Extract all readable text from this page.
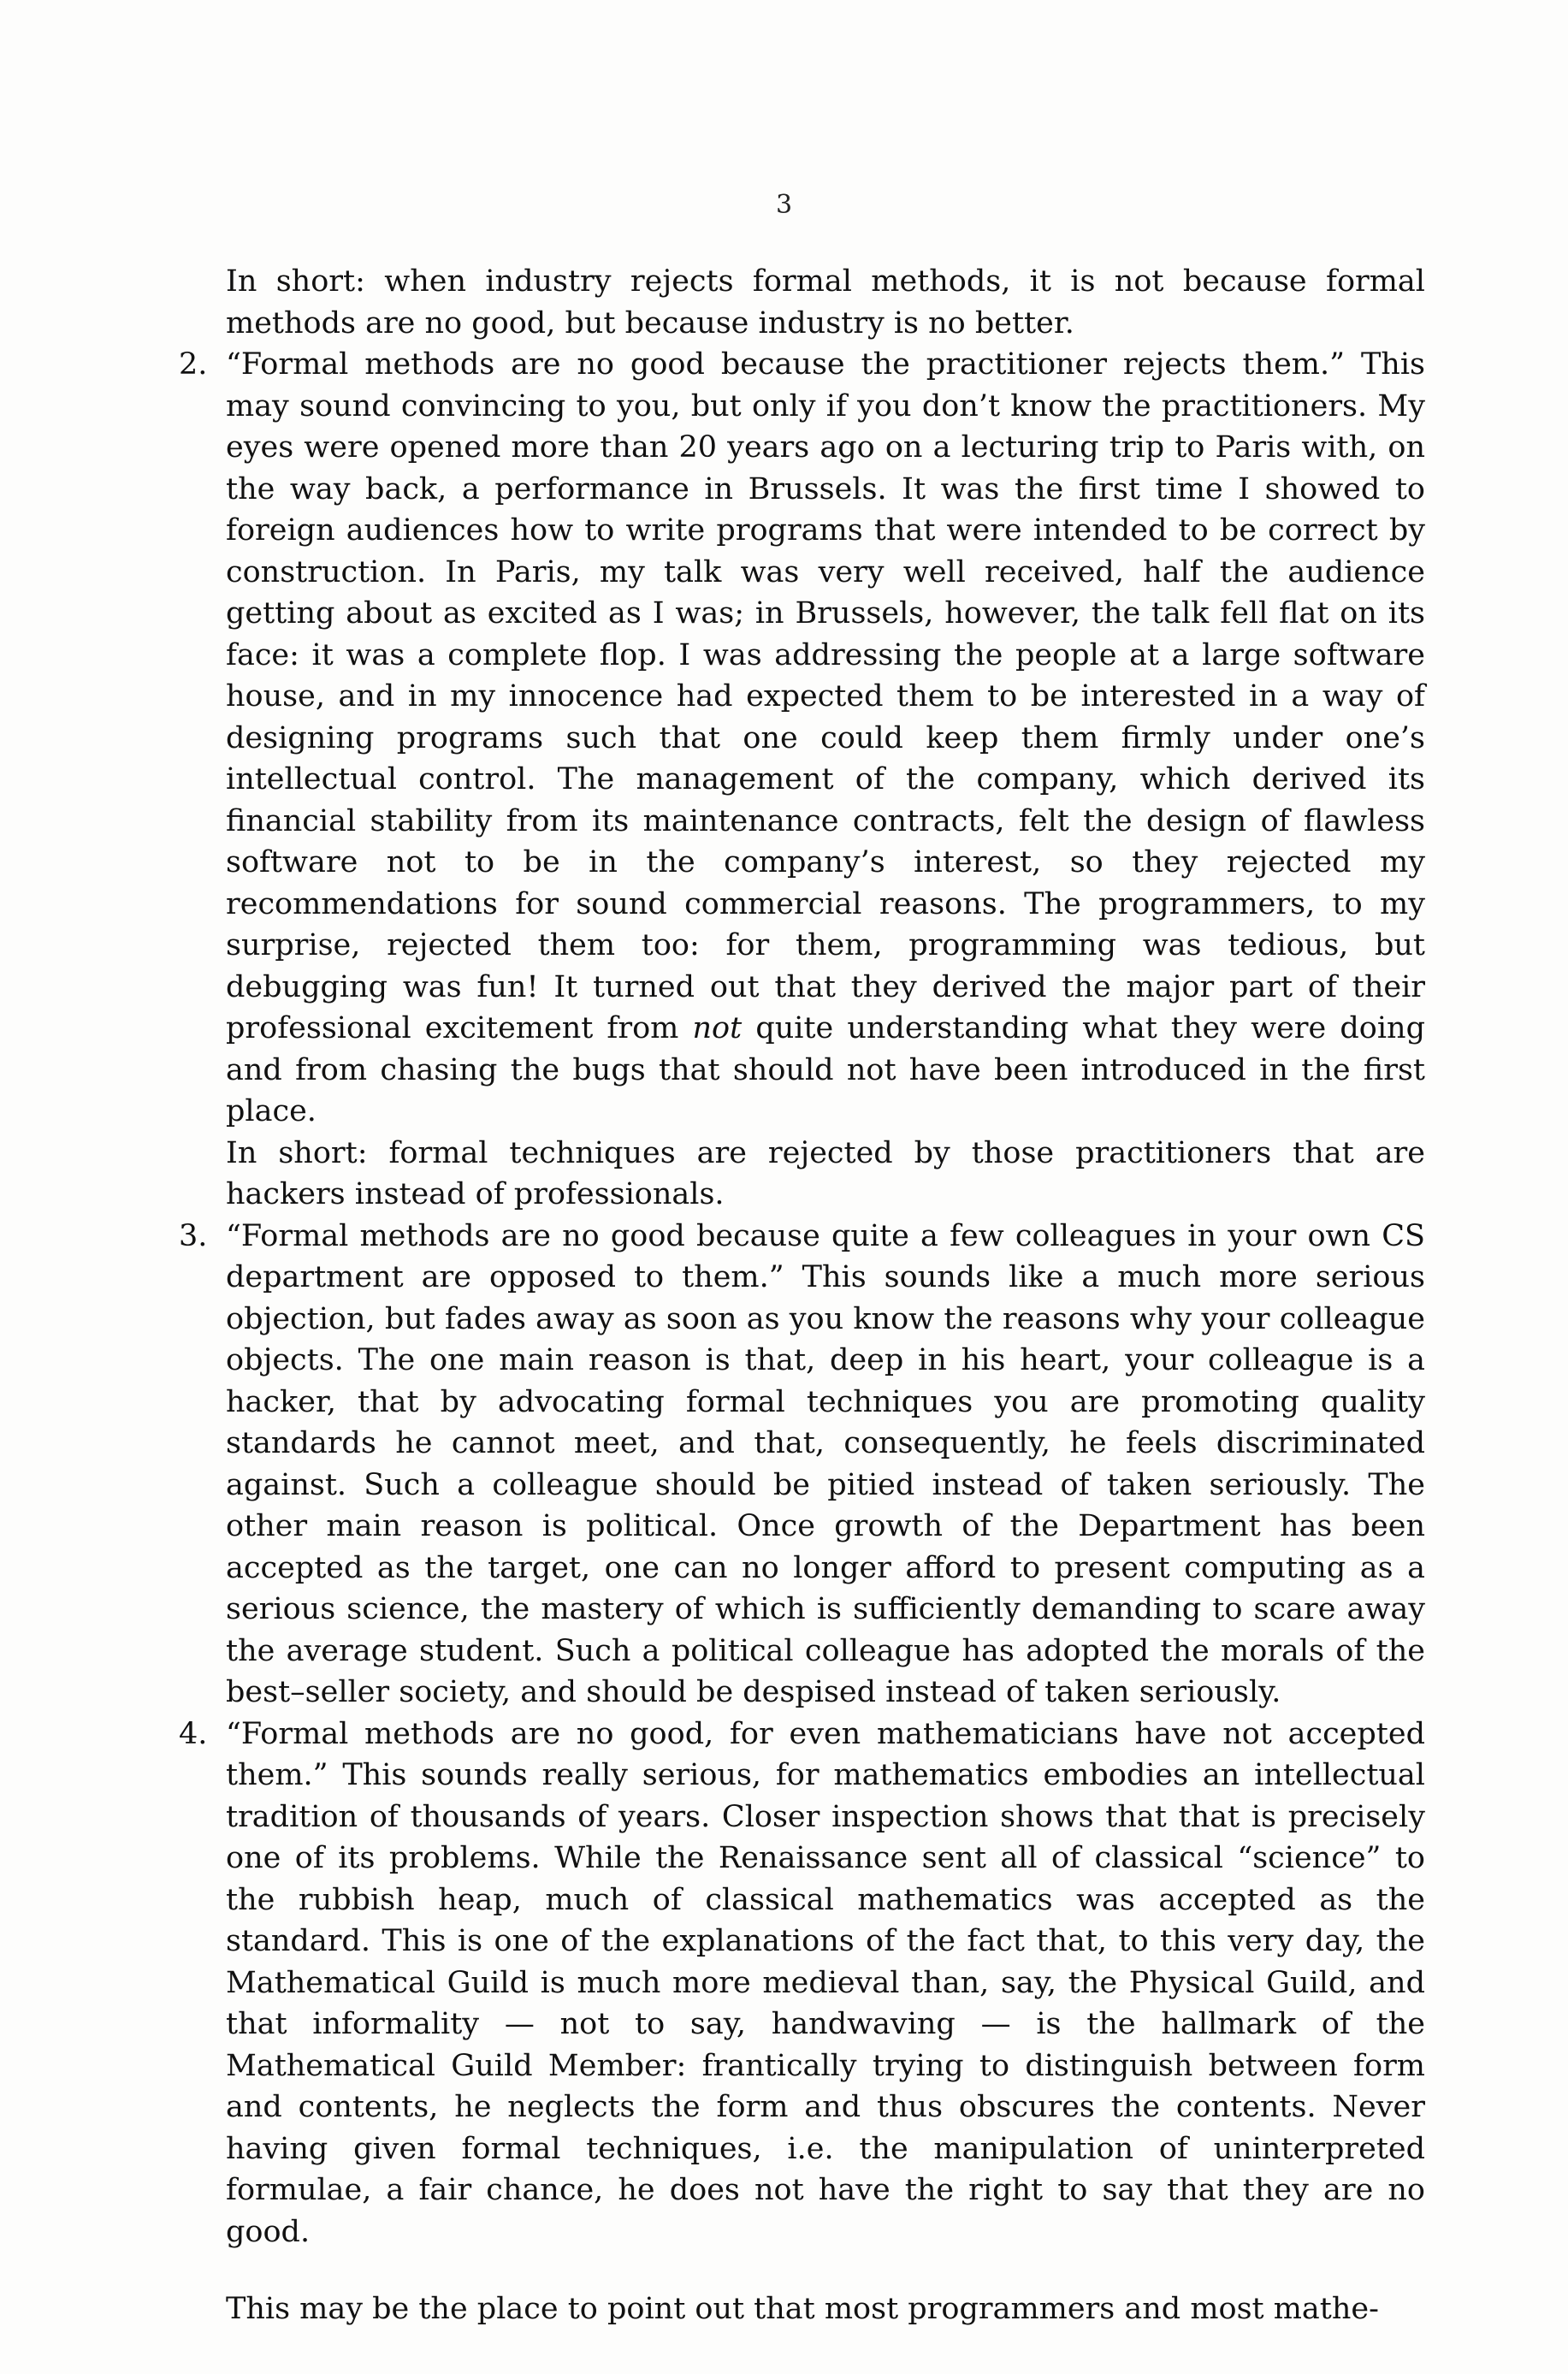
3

In short: when industry rejects formal methods, it is not because formal methods are no good, but because industry is no better.

2. “Formal methods are no good because the practitioner rejects them.” This may sound convincing to you, but only if you don’t know the practitioners. My eyes were opened more than 20 years ago on a lecturing trip to Paris with, on the way back, a performance in Brussels. It was the first time I showed to foreign audiences how to write programs that were intended to be correct by construction. In Paris, my talk was very well received, half the audience getting about as excited as I was; in Brussels, however, the talk fell flat on its face: it was a complete flop. I was addressing the people at a large software house, and in my innocence had expected them to be interested in a way of designing programs such that one could keep them firmly under one’s intellectual control. The management of the company, which derived its financial stability from its maintenance contracts, felt the design of flawless software not to be in the company’s interest, so they rejected my recommendations for sound commercial reasons. The programmers, to my surprise, rejected them too: for them, programming was tedious, but debugging was fun! It turned out that they derived the major part of their professional excitement from not quite understanding what they were doing and from chasing the bugs that should not have been introduced in the first place.

In short: formal techniques are rejected by those practitioners that are hackers instead of professionals.

3. “Formal methods are no good because quite a few colleagues in your own CS department are opposed to them.” This sounds like a much more serious objection, but fades away as soon as you know the reasons why your colleague objects. The one main reason is that, deep in his heart, your colleague is a hacker, that by advocating formal techniques you are promoting quality standards he cannot meet, and that, consequently, he feels discriminated against. Such a colleague should be pitied instead of taken seriously. The other main reason is political. Once growth of the Department has been accepted as the target, one can no longer afford to present computing as a serious science, the mastery of which is sufficiently demanding to scare away the average student. Such a political colleague has adopted the morals of the best–seller society, and should be despised instead of taken seriously.

4. “Formal methods are no good, for even mathematicians have not accepted them.” This sounds really serious, for mathematics embodies an intellectual tradition of thousands of years. Closer inspection shows that that is precisely one of its problems. While the Renaissance sent all of classical “science” to the rubbish heap, much of classical mathematics was accepted as the standard. This is one of the explanations of the fact that, to this very day, the Mathematical Guild is much more medieval than, say, the Physical Guild, and that informality — not to say, handwaving — is the hallmark of the Mathematical Guild Member: frantically trying to distinguish between form and contents, he neglects the form and thus obscures the contents. Never having given formal techniques, i.e. the manipulation of uninterpreted formulae, a fair chance, he does not have the right to say that they are no good.

This may be the place to point out that most programmers and most mathe-
